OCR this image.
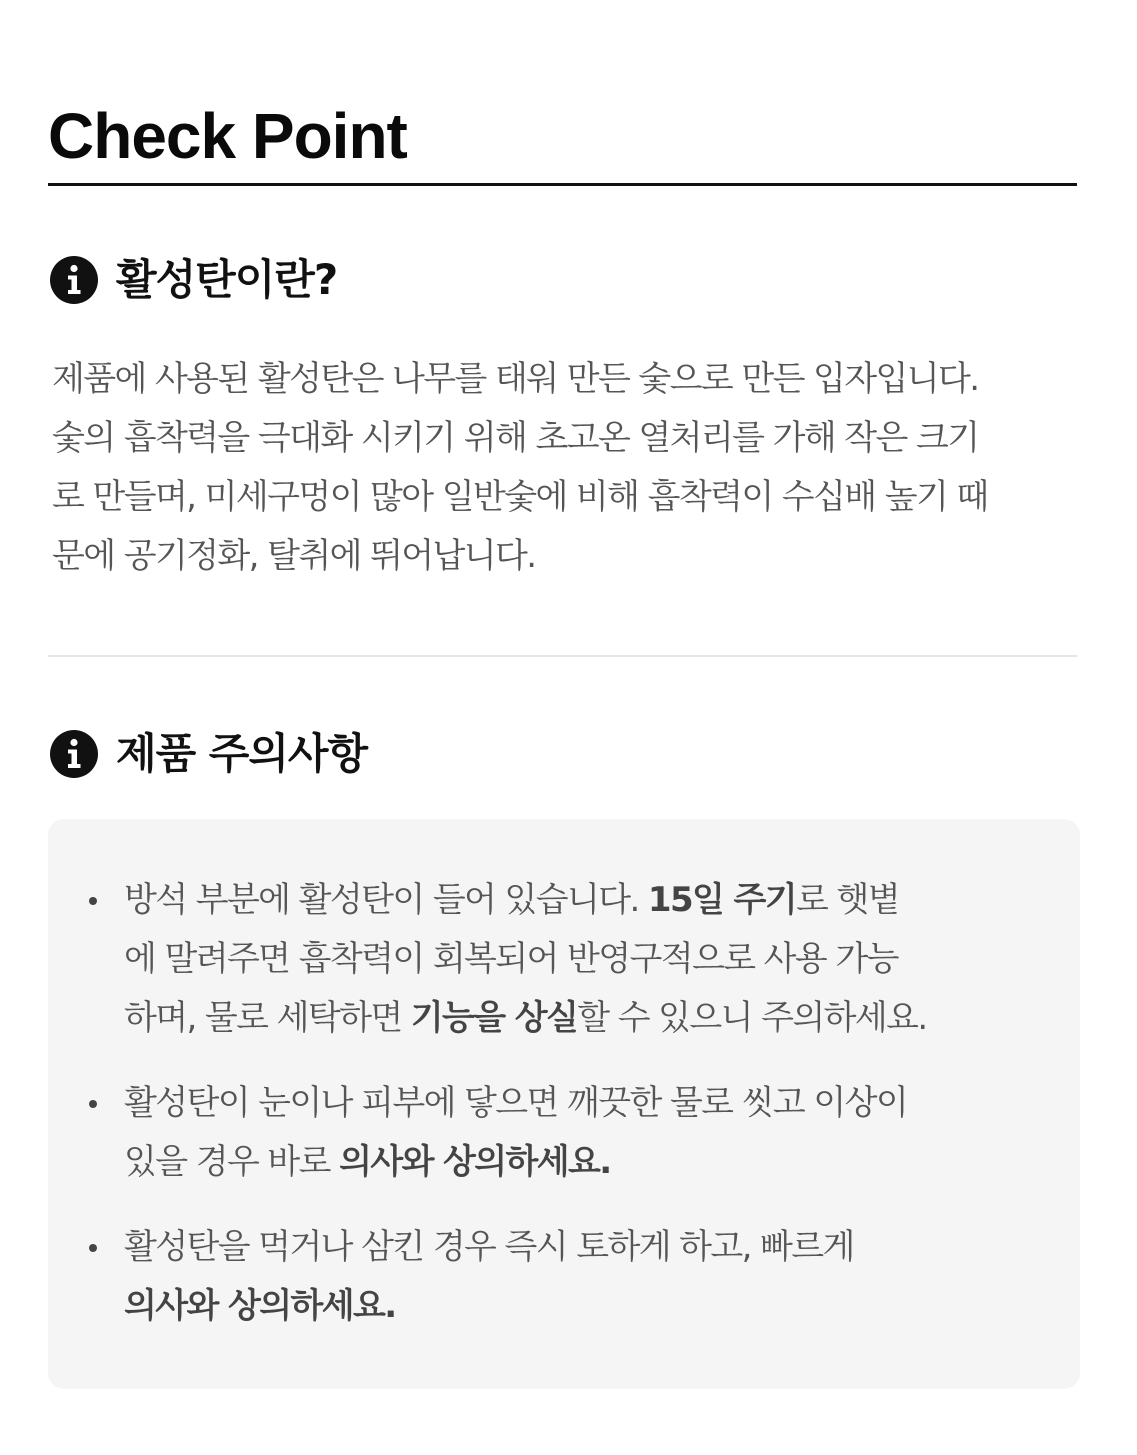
Check Point
활성탄이란?
제품에 사용된 활성탄은 나무를 태워 만든 숯으로 만든 입자입니다.
숯의 흡착력을 극대화 시키기 위해 초고온 열처리를 가해 작은 크기
로 만들며, 미세구멍이 많아 일반숯에 비해 흡착력이 수십배 높기 때
문에 공기정화, 탈취에 뛰어납니다.
제품 주의사항
방석 부분에 활성탄이 들어 있습니다. 15일 주기로 햇볕
에 말려주면 흡착력이 회복되어 반영구적으로 사용 가능
하며, 물로 세탁하면 기능을 상실할 수 있으니 주의하세요.
활성탄이 눈이나 피부에 닿으면 깨끗한 물로 씻고 이상이
있을 경우 바로 의사와 상의하세요.
활성탄을 먹거나 삼킨 경우 즉시 토하게 하고, 빠르게
의사와 상의하세요.
